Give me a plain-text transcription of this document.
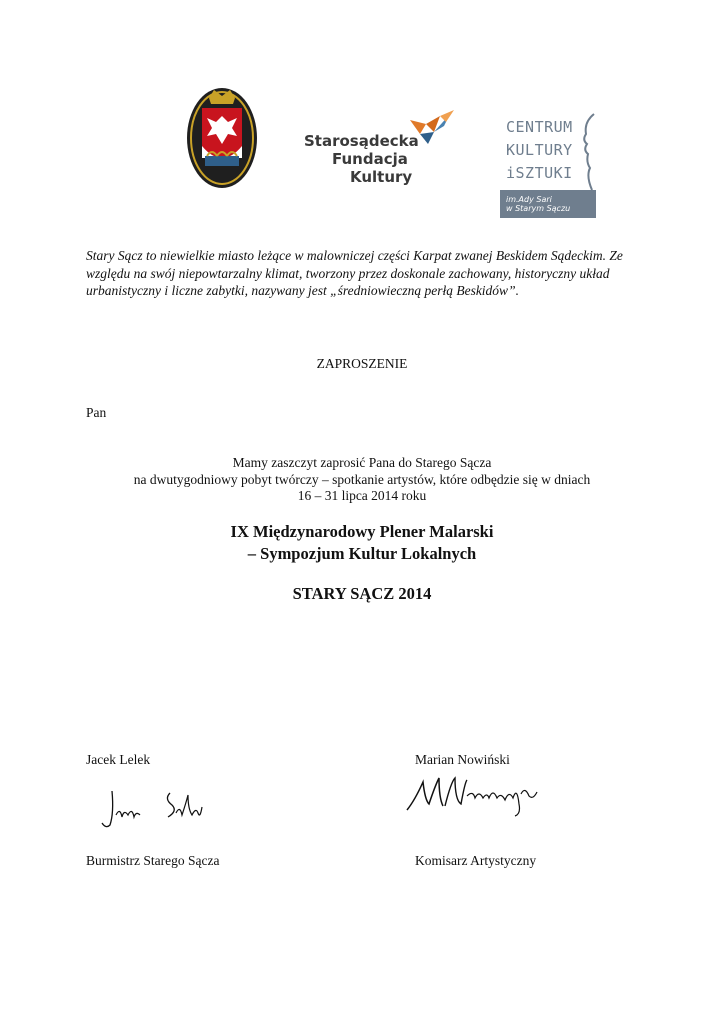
Starosądecka
Fundacja
Kultury
CENTRUM
KULTURY
iSZTUKI
im.Ady Sari
w Starym Sączu
Stary Sącz to niewielkie miasto leżące w malowniczej części Karpat zwanej Beskidem Sądeckim. Ze względu na swój niepowtarzalny klimat, tworzony przez doskonale zachowany, historyczny układ urbanistyczny i liczne zabytki, nazywany jest „średniowieczną perłą Beskidów”.
ZAPROSZENIE
Pan
Mamy zaszczyt zaprosić Pana do Starego Sącza
na dwutygodniowy pobyt twórczy – spotkanie artystów, które odbędzie się w dniach
16 – 31 lipca 2014 roku
IX Międzynarodowy Plener Malarski
– Sympozjum Kultur Lokalnych
STARY SĄCZ 2014
Jacek Lelek	Marian Nowiński
Burmistrz Starego Sącza	Komisarz Artystyczny
